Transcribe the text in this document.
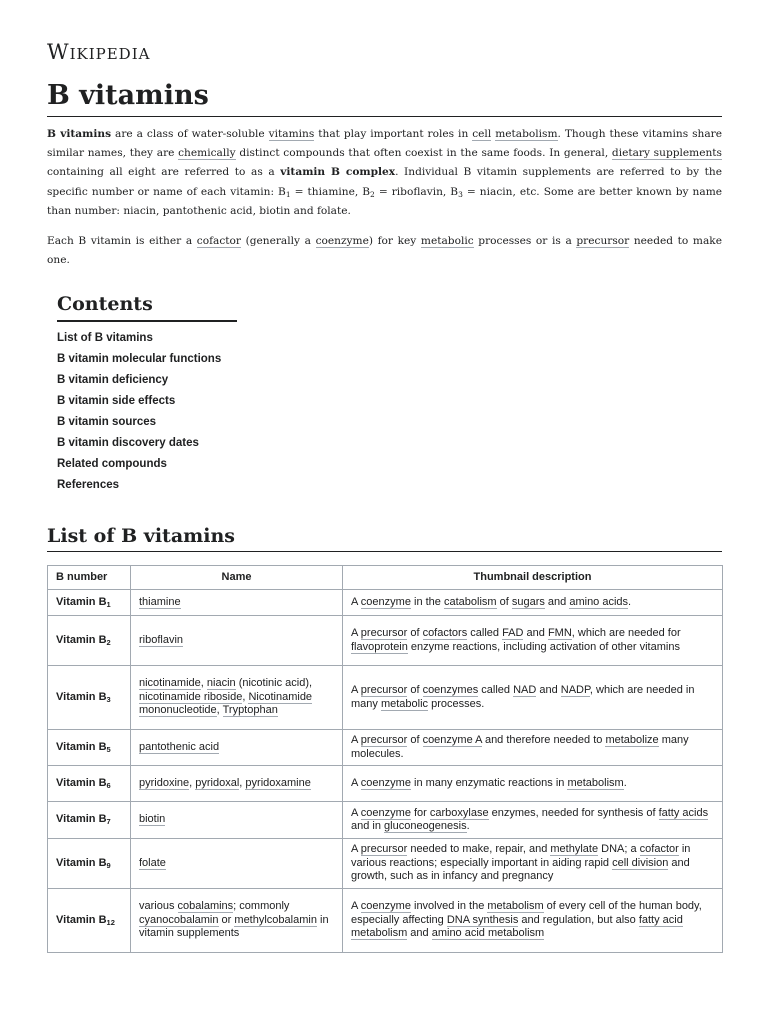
Wikipedia
B vitamins

B vitamins are a class of water-soluble vitamins that play important roles in cell metabolism. Though these vitamins share similar names, they are chemically distinct compounds that often coexist in the same foods. In general, dietary supplements containing all eight are referred to as a vitamin B complex. Individual B vitamin supplements are referred to by the specific number or name of each vitamin: $B_1$ = thiamine, $B_2$ = riboflavin, $B_3$ = niacin, etc. Some are better known by name than number: niacin, pantothenic acid, biotin and folate.

Each B vitamin is either a cofactor (generally a coenzyme) for key metabolic processes or is a precursor needed to make one.

Contents
List of B vitamins
B vitamin molecular functions
B vitamin deficiency
B vitamin side effects
B vitamin sources
B vitamin discovery dates
Related compounds
References
List of B vitamins
B number	Name	Thumbnail description
Vitamin $B_1$	thiamine	A coenzyme in the catabolism of sugars and amino acids.
Vitamin $B_2$	riboflavin	A precursor of cofactors called FAD and FMN, which are needed for flavoprotein enzyme reactions, including activation of other vitamins
Vitamin $B_3$	nicotinamide, niacin (nicotinic acid), nicotinamide riboside, Nicotinamide mononucleotide, Tryptophan	A precursor of coenzymes called NAD and NADP, which are needed in many metabolic processes.
Vitamin $B_5$	pantothenic acid	A precursor of coenzyme A and therefore needed to metabolize many molecules.
Vitamin $B_6$	pyridoxine, pyridoxal, pyridoxamine	A coenzyme in many enzymatic reactions in metabolism.
Vitamin $B_7$	biotin	A coenzyme for carboxylase enzymes, needed for synthesis of fatty acids and in gluconeogenesis.
Vitamin $B_9$	folate	A precursor needed to make, repair, and methylate DNA; a cofactor in various reactions; especially important in aiding rapid cell division and growth, such as in infancy and pregnancy
Vitamin $B_{12}$	various cobalamins; commonly cyanocobalamin or methylcobalamin in vitamin supplements	A coenzyme involved in the metabolism of every cell of the human body, especially affecting DNA synthesis and regulation, but also fatty acid metabolism and amino acid metabolism
